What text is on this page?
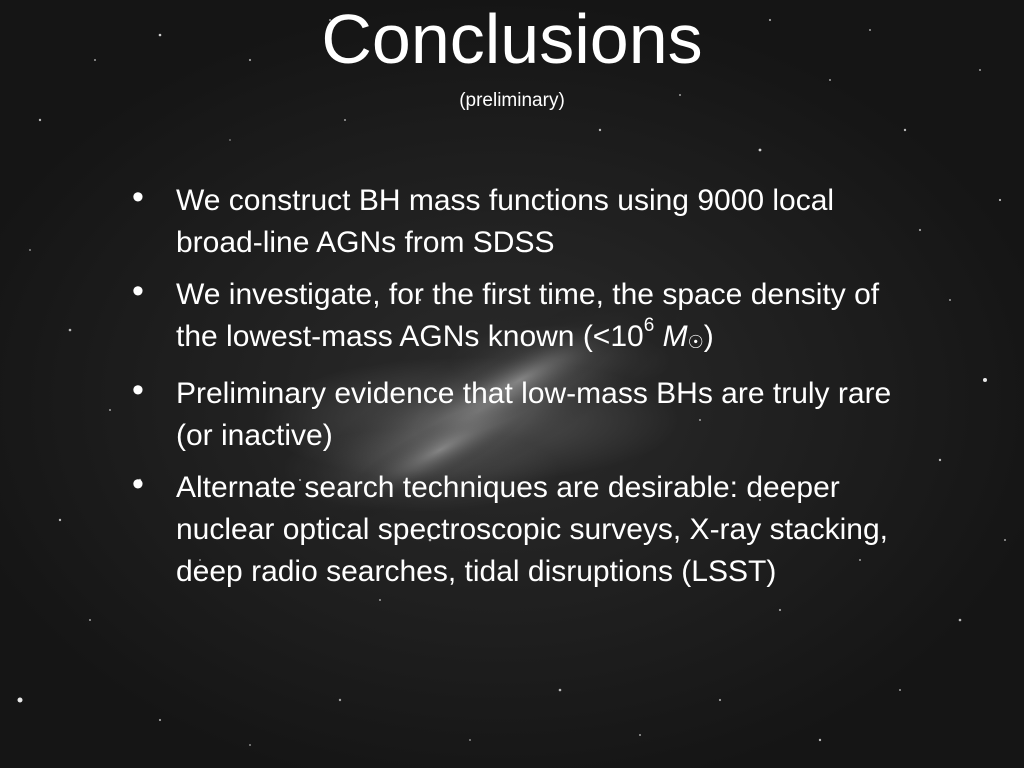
Conclusions
(preliminary)
• We construct BH mass functions using 9000 local broad-line AGNs from SDSS
• We investigate, for the first time, the space density of the lowest-mass AGNs known ($<10^6$ M☉)
• Preliminary evidence that low-mass BHs are truly rare (or inactive)
• Alternate search techniques are desirable: deeper nuclear optical spectroscopic surveys, X-ray stacking, deep radio searches, tidal disruptions (LSST)
